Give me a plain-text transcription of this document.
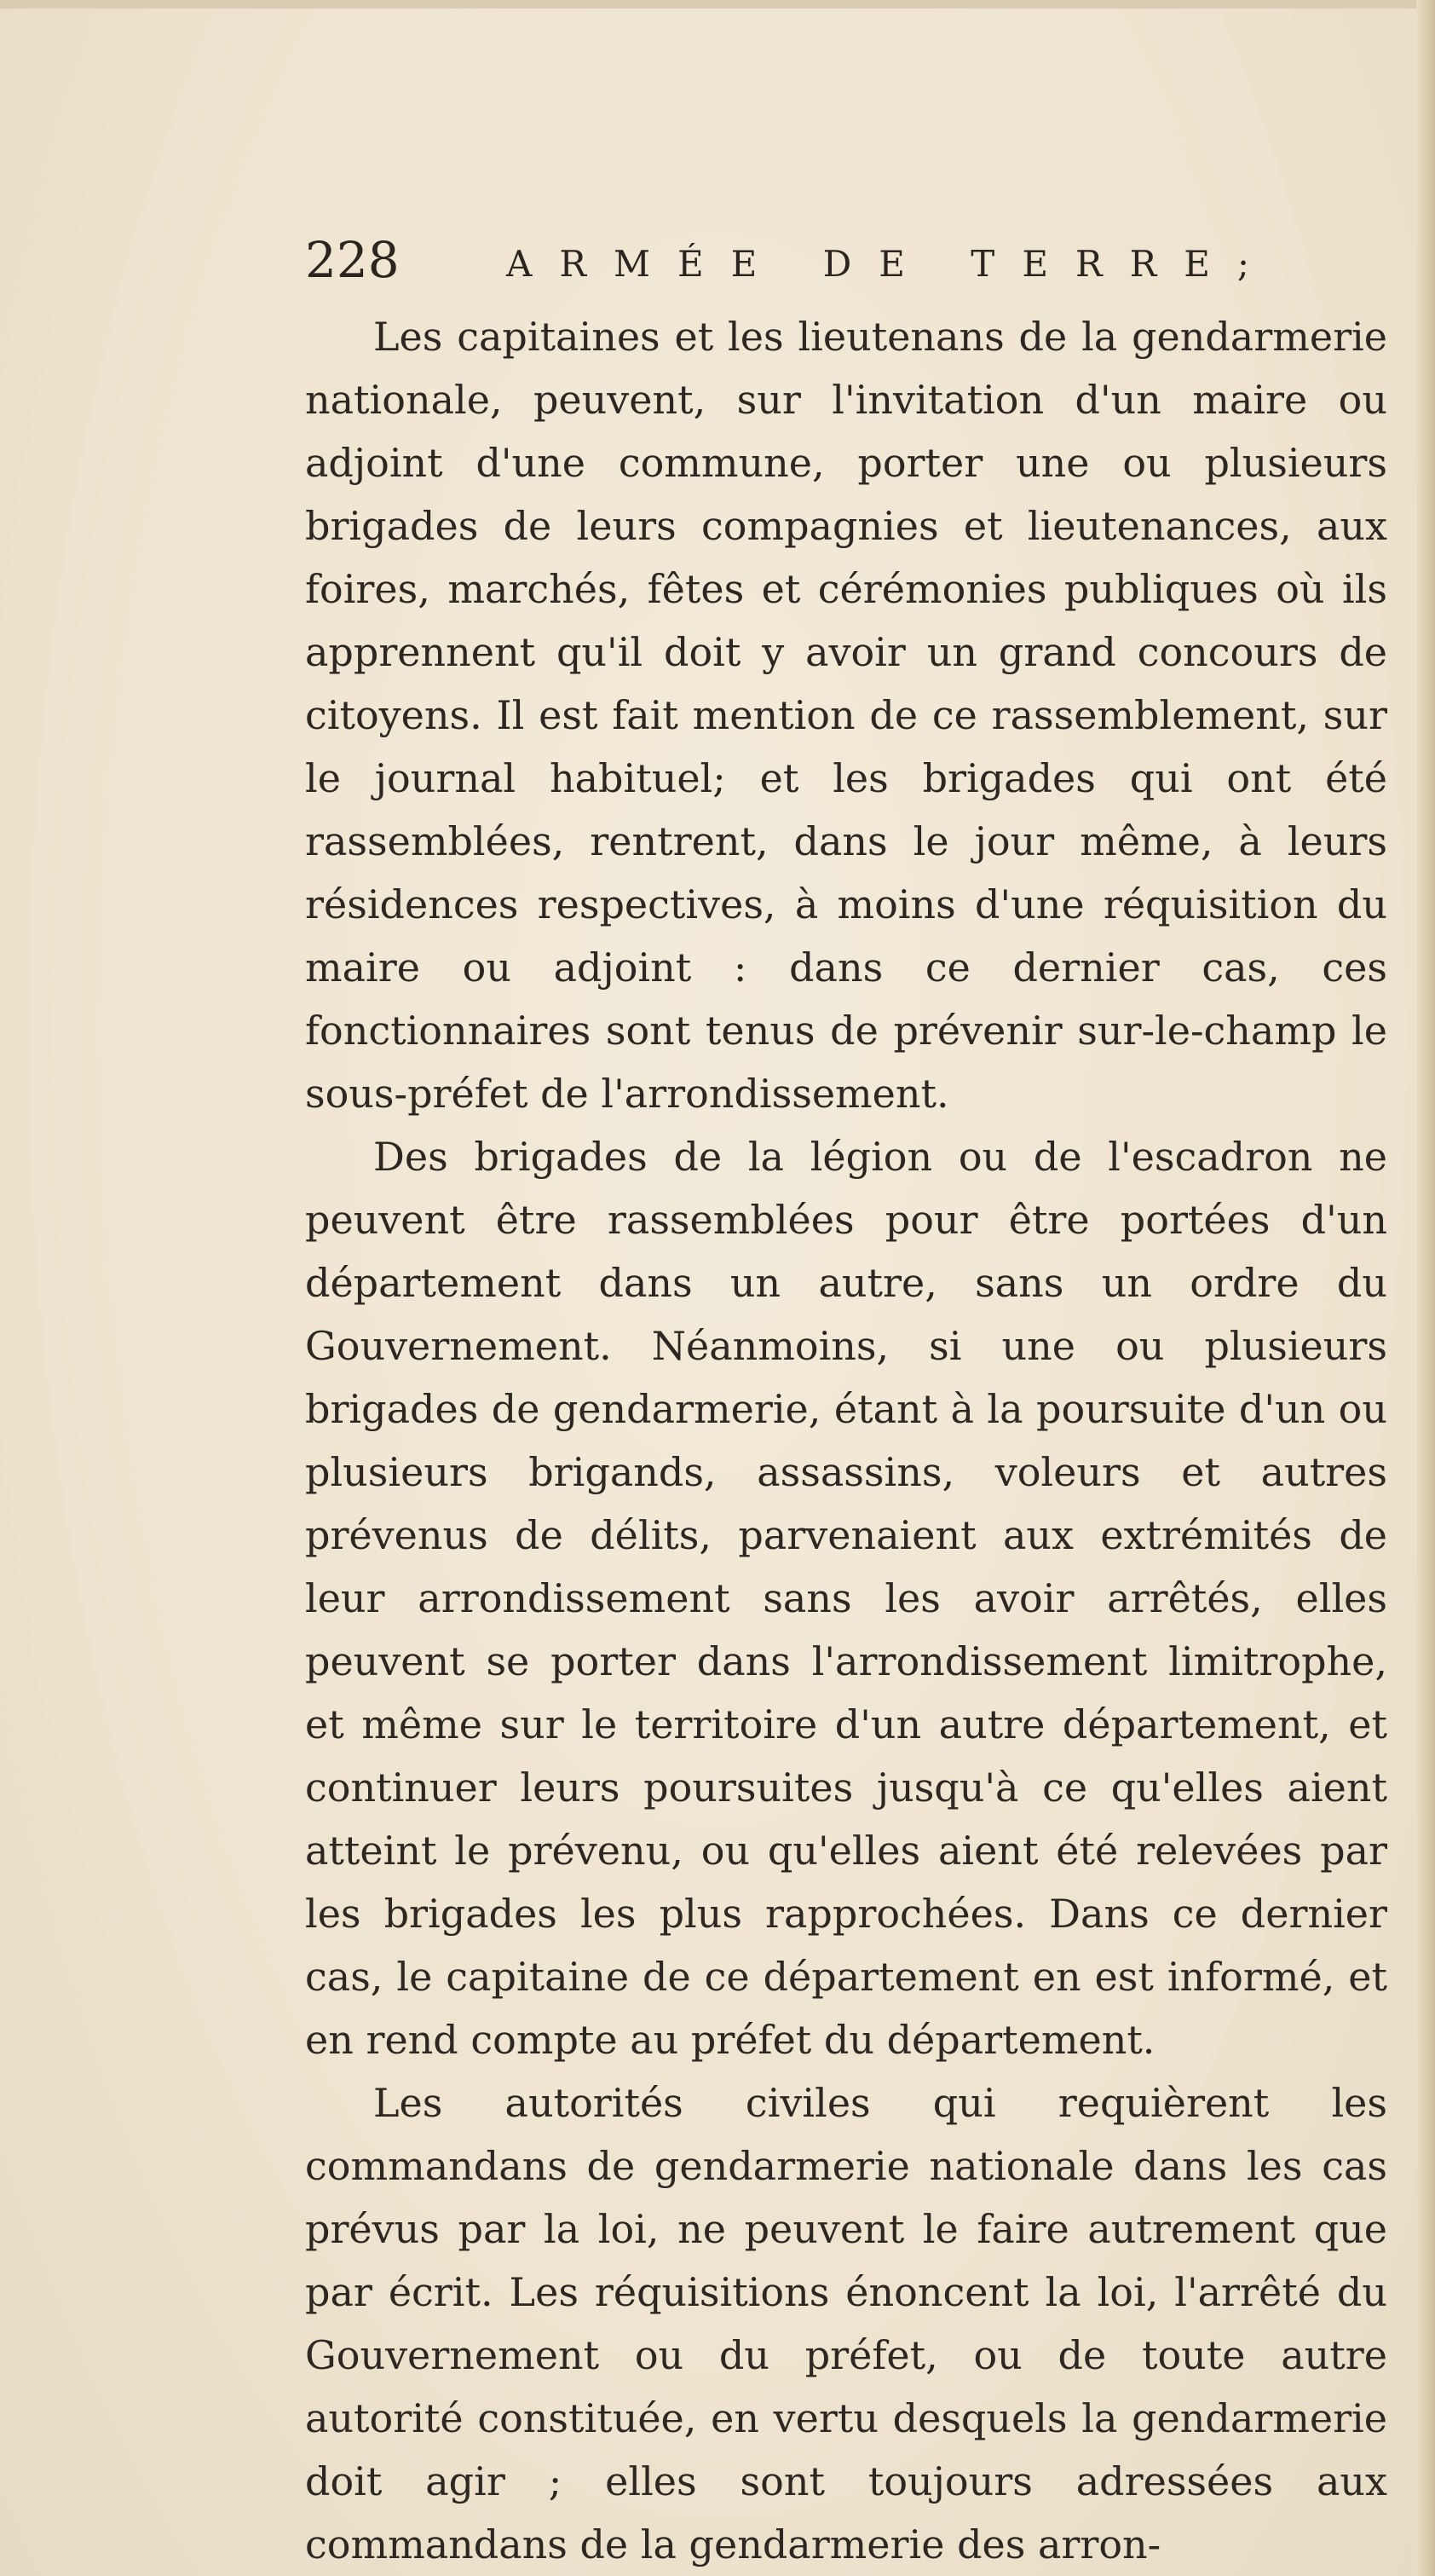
228	ARMÉE DE TERRE;

Les capitaines et les lieutenans de la gendarmerie nationale, peuvent, sur l'invitation d'un maire ou adjoint d'une commune, porter une ou plusieurs brigades de leurs compagnies et lieutenances, aux foires, marchés, fêtes et cérémonies publiques où ils apprennent qu'il doit y avoir un grand concours de citoyens. Il est fait mention de ce rassemblement, sur le journal habituel; et les brigades qui ont été rassemblées, rentrent, dans le jour même, à leurs résidences respectives, à moins d'une réquisition du maire ou adjoint : dans ce dernier cas, ces fonctionnaires sont tenus de prévenir sur-le-champ le sous-préfet de l'arrondissement.

Des brigades de la légion ou de l'escadron ne peuvent être rassemblées pour être portées d'un département dans un autre, sans un ordre du Gouvernement. Néanmoins, si une ou plusieurs brigades de gendarmerie, étant à la poursuite d'un ou plusieurs brigands, assassins, voleurs et autres prévenus de délits, parvenaient aux extrémités de leur arrondissement sans les avoir arrêtés, elles peuvent se porter dans l'arrondissement limitrophe, et même sur le territoire d'un autre département, et continuer leurs poursuites jusqu'à ce qu'elles aient atteint le prévenu, ou qu'elles aient été relevées par les brigades les plus rapprochées. Dans ce dernier cas, le capitaine de ce département en est informé, et en rend compte au préfet du département.

Les autorités civiles qui requièrent les commandans de gendarmerie nationale dans les cas prévus par la loi, ne peuvent le faire autrement que par écrit. Les réquisitions énoncent la loi, l'arrêté du Gouvernement ou du préfet, ou de toute autre autorité constituée, en vertu desquels la gendarmerie doit agir ; elles sont toujours adressées aux commandans de la gendarmerie des arron-
